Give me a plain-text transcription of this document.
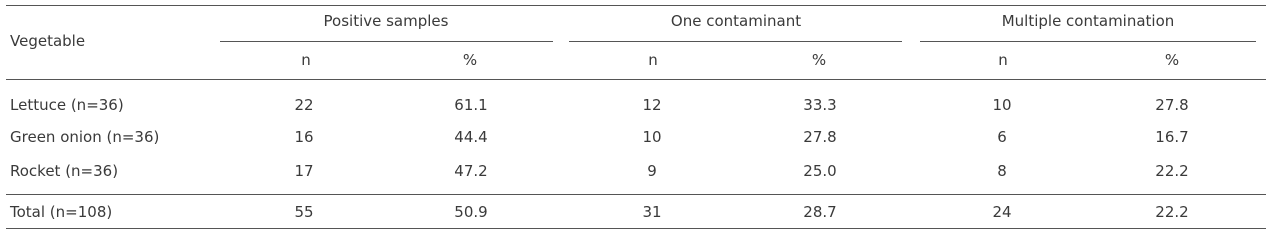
Vegetable
Positive samples	One contaminant	Multiple contamination
n	%	n	%	n	%
Lettuce (n=36)	22	61.1	12	33.3	10	27.8
Green onion (n=36)	16	44.4	10	27.8	6	16.7
Rocket (n=36)	17	47.2	9	25.0	8	22.2
Total (n=108)	55	50.9	31	28.7	24	22.2
